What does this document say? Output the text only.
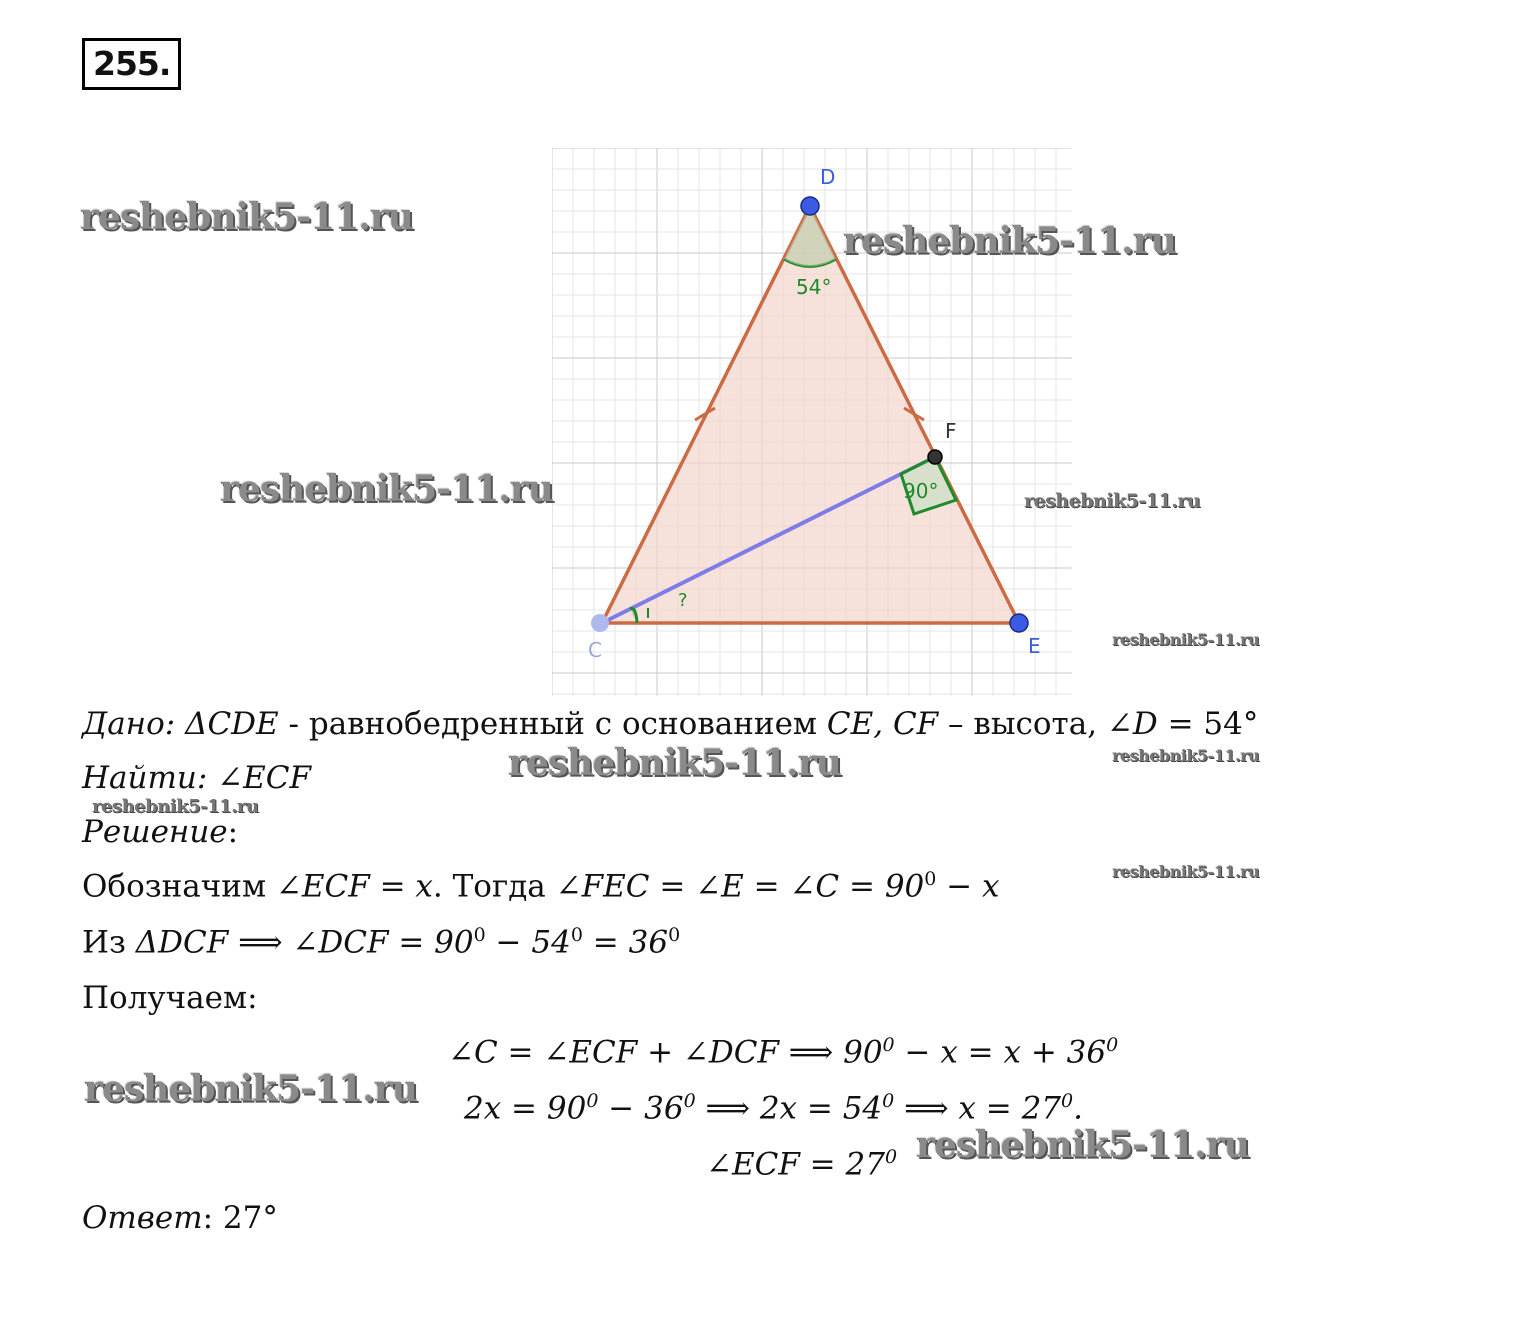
255.
D
C	E
F
54°
90°
?
reshebnik5-11.ru
reshebnik5-11.ru
reshebnik5-11.ru	reshebnik5-11.ru
reshebnik5-11.ru
reshebnik5-11.ru	reshebnik5-11.ru
reshebnik5-11.ru
reshebnik5-11.ru
reshebnik5-11.ru
reshebnik5-11.ru
Дано: ΔCDE - равнобедренный с основанием CE, CF – высота, ∠D = 54°
Найти: ∠ECF
Решение:
Обозначим ∠ECF = x. Тогда ∠FEC = ∠E = ∠C = $90^0 - x$
Из ΔDCF ⟹ ∠DCF = $90^0 - 54^0 = 36^0$
Получаем:
∠C = ∠ECF + ∠DCF ⟹ $90^0 - x = x + 36^0$
$2x = 90^0 - 36^0$ ⟹ $2x = 54^0$ ⟹ $x = 27^0$.
∠ECF = $27^0$
Ответ: 27°
